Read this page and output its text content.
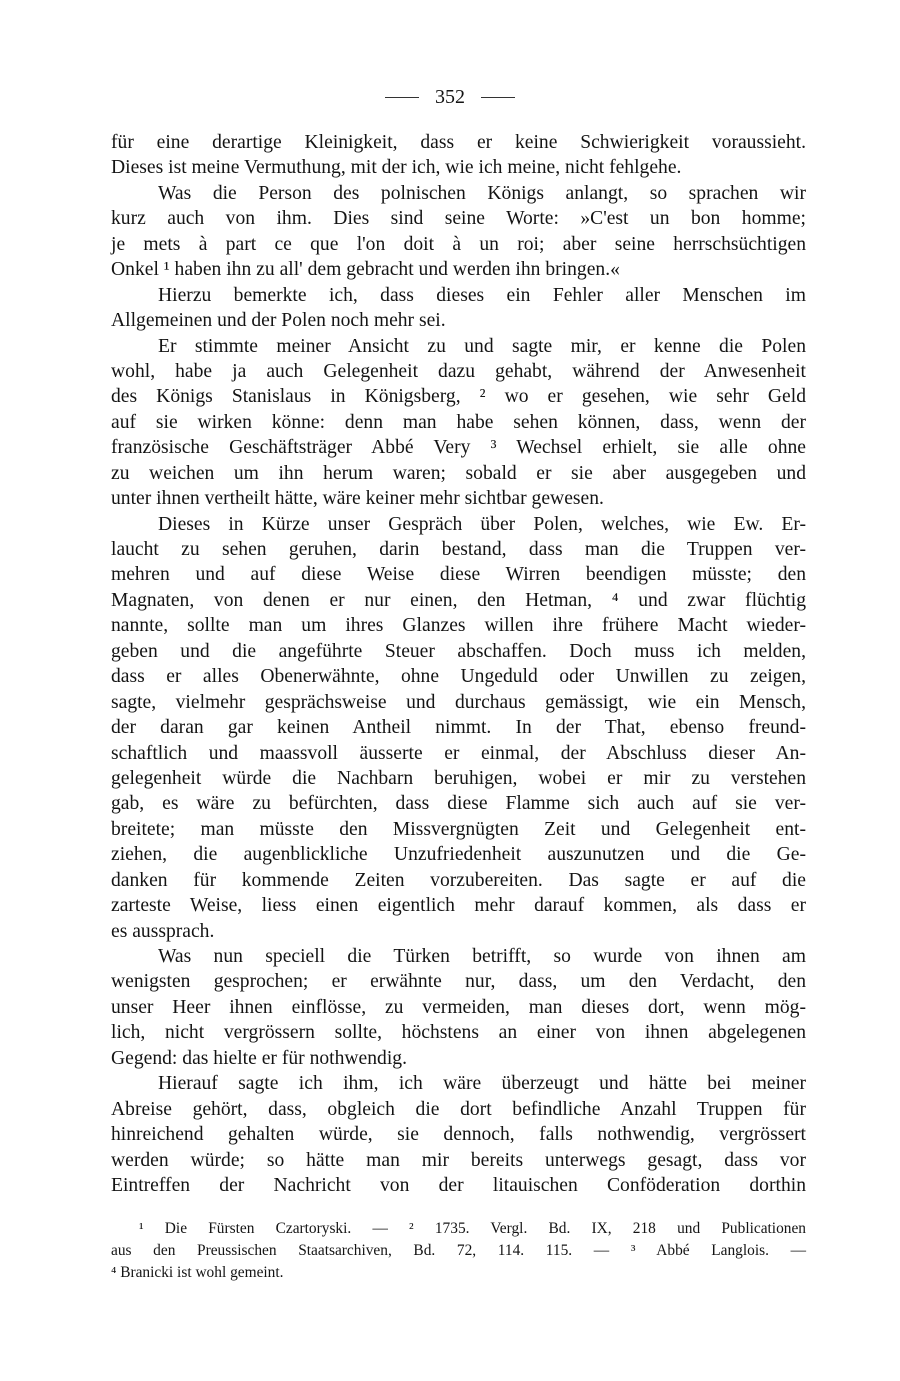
352
für eine derartige Kleinigkeit, dass er keine Schwierigkeit voraussieht.
Dieses ist meine Vermuthung, mit der ich, wie ich meine, nicht fehlgehe.
Was die Person des polnischen Königs anlangt, so sprachen wir
kurz auch von ihm. Dies sind seine Worte: »C'est un bon homme;
je mets à part ce que l'on doit à un roi; aber seine herrschsüchtigen
Onkel ¹ haben ihn zu all' dem gebracht und werden ihn bringen.«
Hierzu bemerkte ich, dass dieses ein Fehler aller Menschen im
Allgemeinen und der Polen noch mehr sei.
Er stimmte meiner Ansicht zu und sagte mir, er kenne die Polen
wohl, habe ja auch Gelegenheit dazu gehabt, während der Anwesenheit
des Königs Stanislaus in Königsberg, ² wo er gesehen, wie sehr Geld
auf sie wirken könne: denn man habe sehen können, dass, wenn der
französische Geschäftsträger Abbé Very ³ Wechsel erhielt, sie alle ohne
zu weichen um ihn herum waren; sobald er sie aber ausgegeben und
unter ihnen vertheilt hätte, wäre keiner mehr sichtbar gewesen.
Dieses in Kürze unser Gespräch über Polen, welches, wie Ew. Er-
laucht zu sehen geruhen, darin bestand, dass man die Truppen ver-
mehren und auf diese Weise diese Wirren beendigen müsste; den
Magnaten, von denen er nur einen, den Hetman, ⁴ und zwar flüchtig
nannte, sollte man um ihres Glanzes willen ihre frühere Macht wieder-
geben und die angeführte Steuer abschaffen. Doch muss ich melden,
dass er alles Obenerwähnte, ohne Ungeduld oder Unwillen zu zeigen,
sagte, vielmehr gesprächsweise und durchaus gemässigt, wie ein Mensch,
der daran gar keinen Antheil nimmt. In der That, ebenso freund-
schaftlich und maassvoll äusserte er einmal, der Abschluss dieser An-
gelegenheit würde die Nachbarn beruhigen, wobei er mir zu verstehen
gab, es wäre zu befürchten, dass diese Flamme sich auch auf sie ver-
breitete; man müsste den Missvergnügten Zeit und Gelegenheit ent-
ziehen, die augenblickliche Unzufriedenheit auszunutzen und die Ge-
danken für kommende Zeiten vorzubereiten. Das sagte er auf die
zarteste Weise, liess einen eigentlich mehr darauf kommen, als dass er
es aussprach.
Was nun speciell die Türken betrifft, so wurde von ihnen am
wenigsten gesprochen; er erwähnte nur, dass, um den Verdacht, den
unser Heer ihnen einflösse, zu vermeiden, man dieses dort, wenn mög-
lich, nicht vergrössern sollte, höchstens an einer von ihnen abgelegenen
Gegend: das hielte er für nothwendig.
Hierauf sagte ich ihm, ich wäre überzeugt und hätte bei meiner
Abreise gehört, dass, obgleich die dort befindliche Anzahl Truppen für
hinreichend gehalten würde, sie dennoch, falls nothwendig, vergrössert
werden würde; so hätte man mir bereits unterwegs gesagt, dass vor
Eintreffen der Nachricht von der litauischen Conföderation dorthin
¹ Die Fürsten Czartoryski. — ² 1735. Vergl. Bd. IX, 218 und Publicationen
aus den Preussischen Staatsarchiven, Bd. 72, 114. 115. — ³ Abbé Langlois. —
⁴ Branicki ist wohl gemeint.
